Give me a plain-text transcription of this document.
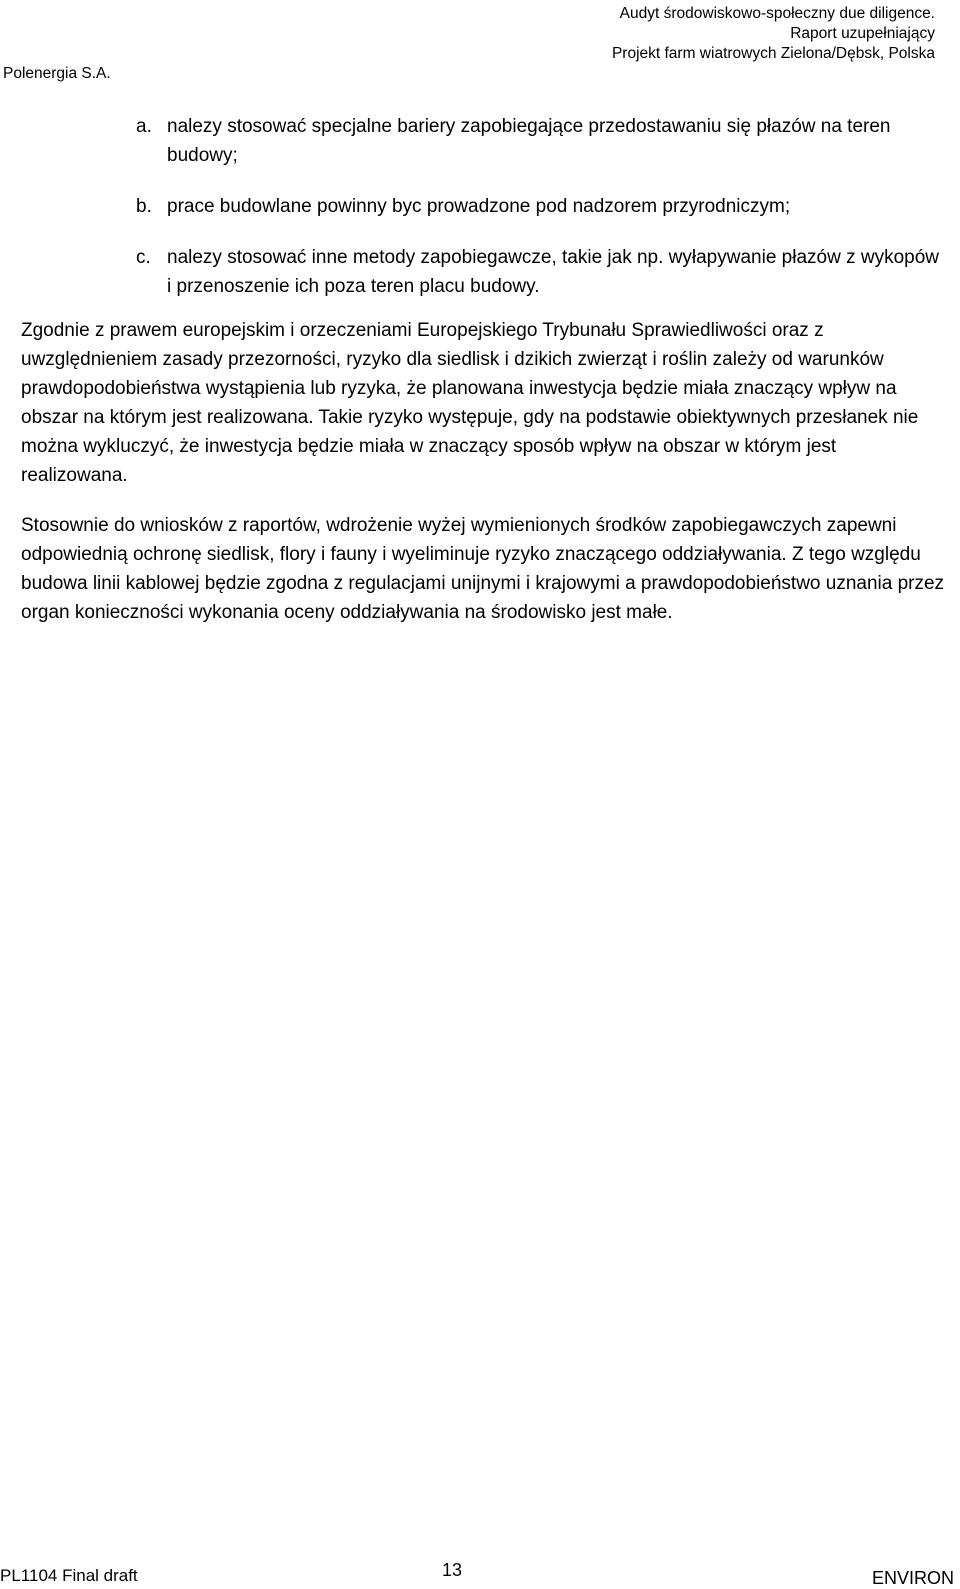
Audyt środowiskowo-społeczny due diligence.
Raport uzupełniający
Projekt farm wiatrowych Zielona/Dębsk, Polska
Polenergia S.A.
a. nalezy stosować specjalne bariery zapobiegające przedostawaniu się płazów na teren budowy;
b. prace budowlane powinny byc prowadzone pod nadzorem przyrodniczym;
c. nalezy stosować inne metody zapobiegawcze, takie jak np. wyłapywanie płazów z wykopów i przenoszenie ich poza teren placu budowy.

Zgodnie z prawem europejskim i orzeczeniami Europejskiego Trybunału Sprawiedliwości oraz z uwzględnieniem zasady przezorności, ryzyko dla siedlisk i dzikich zwierząt i roślin zależy od warunków prawdopodobieństwa wystąpienia lub ryzyka, że planowana inwestycja będzie miała znaczący wpływ na obszar na którym jest realizowana. Takie ryzyko występuje, gdy na podstawie obiektywnych przesłanek nie można wykluczyć, że inwestycja będzie miała w znaczący sposób wpływ na obszar w którym jest realizowana.

Stosownie do wniosków z raportów, wdrożenie wyżej wymienionych środków zapobiegawczych zapewni odpowiednią ochronę siedlisk, flory i fauny i wyeliminuje ryzyko znaczącego oddziaływania. Z tego względu budowa linii kablowej będzie zgodna z regulacjami unijnymi i krajowymi a prawdopodobieństwo uznania przez organ konieczności wykonania oceny oddziaływania na środowisko jest małe.

PL1104 Final draft	13	ENVIRON
